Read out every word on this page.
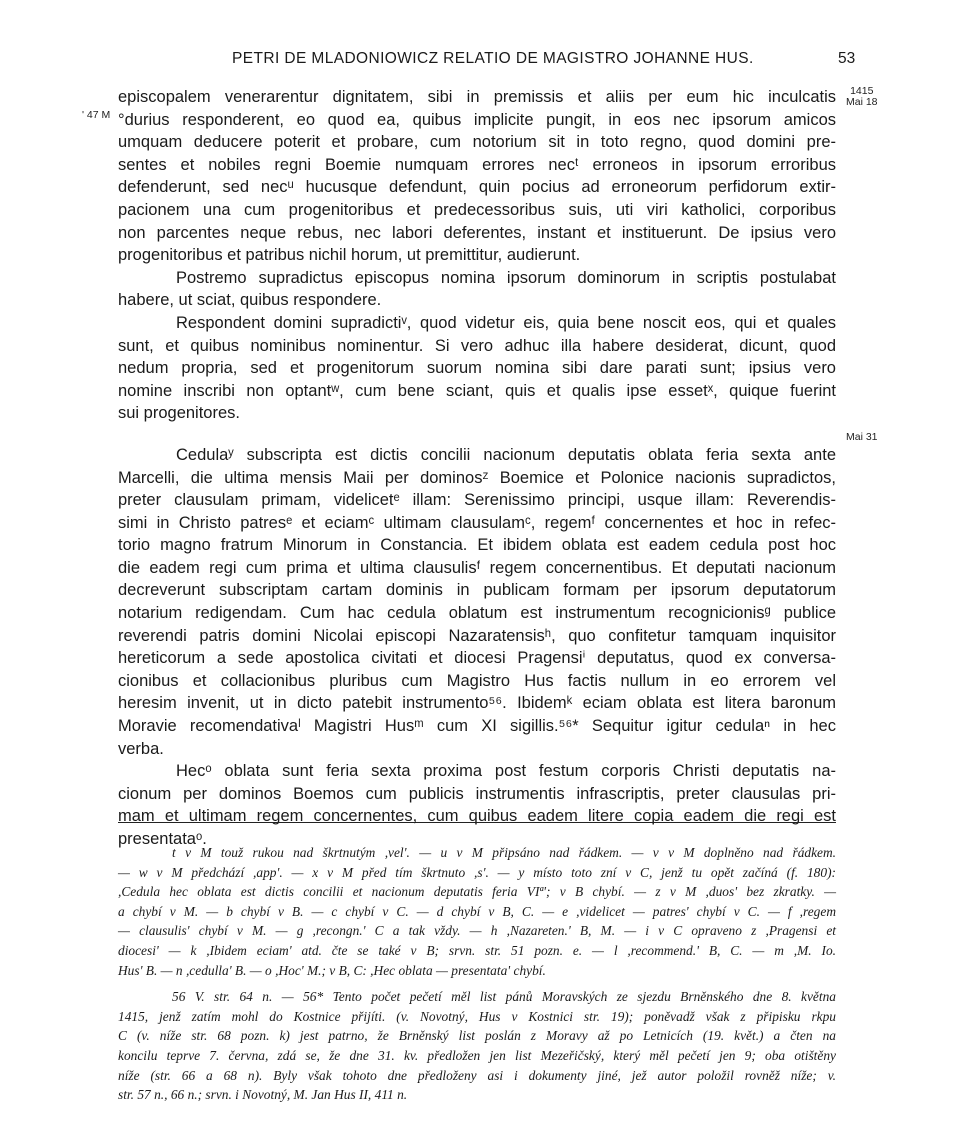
PETRI DE MLADONIOWICZ RELATIO DE MAGISTRO JOHANNE HUS.	53
1415
Mai 18
' 47 M
Mai 31
episcopalem venerarentur dignitatem, sibi in premissis et aliis per eum hic inculcatis
°durius responderent, eo quod ea, quibus implicite pungit, in eos nec ipsorum amicos
umquam deducere poterit et probare, cum notorium sit in toto regno, quod domini pre-
sentes et nobiles regni Boemie numquam errores necᵗ erroneos in ipsorum erroribus
defenderunt, sed necᵘ hucusque defendunt, quin pocius ad erroneorum perfidorum extir-
pacionem una cum progenitoribus et predecessoribus suis, uti viri katholici, corporibus
non parcentes neque rebus, nec labori deferentes, instant et instituerunt. De ipsius vero
progenitoribus et patribus nichil horum, ut premittitur, audierunt.
Postremo supradictus episcopus nomina ipsorum dominorum in scriptis postulabat
habere, ut sciat, quibus respondere.
Respondent domini supradictiᵛ, quod videtur eis, quia bene noscit eos, qui et quales
sunt, et quibus nominibus nominentur. Si vero adhuc illa habere desiderat, dicunt, quod
nedum propria, sed et progenitorum suorum nomina sibi dare parati sunt; ipsius vero
nomine inscribi non optantʷ, cum bene sciant, quis et qualis ipse essetˣ, quique fuerint
sui progenitores.
Cedulaʸ subscripta est dictis concilii nacionum deputatis oblata feria sexta ante
Marcelli, die ultima mensis Maii per dominosᶻ Boemice et Polonice nacionis supradictos,
preter clausulam primam, videlicetᵉ illam: Serenissimo principi, usque illam: Reverendis-
simi in Christo patresᵉ et eciamᶜ ultimam clausulamᶜ, regemᶠ concernentes et hoc in refec-
torio magno fratrum Minorum in Constancia. Et ibidem oblata est eadem cedula post hoc
die eadem regi cum prima et ultima clausulisᶠ regem concernentibus. Et deputati nacionum
decreverunt subscriptam cartam dominis in publicam formam per ipsorum deputatorum
notarium redigendam. Cum hac cedula oblatum est instrumentum recognicionisᵍ publice
reverendi patris domini Nicolai episcopi Nazaratensisʰ, quo confitetur tamquam inquisitor
hereticorum a sede apostolica civitati et diocesi Pragensiⁱ deputatus, quod ex conversa-
cionibus et collacionibus pluribus cum Magistro Hus factis nullum in eo errorem vel
heresim invenit, ut in dicto patebit instrumento⁵⁶. Ibidemᵏ eciam oblata est litera baronum
Moravie recomendativaˡ Magistri Husᵐ cum XI sigillis.⁵⁶* Sequitur igitur cedulaⁿ in hec
verba.
Hecᵒ oblata sunt feria sexta proxima post festum corporis Christi deputatis na-
cionum per dominos Boemos cum publicis instrumentis infrascriptis, preter clausulas pri-
mam et ultimam regem concernentes, cum quibus eadem litere copia eadem die regi est
presentataᵒ.
t v M touž rukou nad škrtnutým ,vel'. — u v M připsáno nad řádkem. — v v M doplněno nad řádkem.
— w v M předchází ,app'. — x v M před tím škrtnuto ,s'. — y místo toto zní v C, jenž tu opět začíná (f. 180):
,Cedula hec oblata est dictis concilii et nacionum deputatis feria VIª'; v B chybí. — z v M ,duos' bez zkratky. —
a chybí v M. — b chybí v B. — c chybí v C. — d chybí v B, C. — e ,videlicet — patres' chybí v C. — f ,regem
— clausulis' chybí v M. — g ,recongn.' C a tak vždy. — h ,Nazareten.' B, M. — i v C opraveno z ,Pragensi et
diocesi' — k ,Ibidem eciam' atd. čte se také v B; srvn. str. 51 pozn. e. — l ,recommend.' B, C. — m ,M. Io.
Hus' B. — n ,cedulla' B. — o ,Hoc' M.; v B, C: ,Hec oblata — presentata' chybí.
56 V. str. 64 n. — 56* Tento počet pečetí měl list pánů Moravských ze sjezdu Brněnského dne 8. května
1415, jenž zatím mohl do Kostnice přijíti. (v. Novotný, Hus v Kostnici str. 19); poněvadž však z připisku rkpu
C (v. níže str. 68 pozn. k) jest patrno, že Brněnský list poslán z Moravy až po Letnicích (19. květ.) a čten na
koncilu teprve 7. června, zdá se, že dne 31. kv. předložen jen list Mezeřičský, který měl pečetí jen 9; oba otištěny
níže (str. 66 a 68 n). Byly však tohoto dne předloženy asi i dokumenty jiné, jež autor položil rovněž níže; v.
str. 57 n., 66 n.; srvn. i Novotný, M. Jan Hus II, 411 n.
